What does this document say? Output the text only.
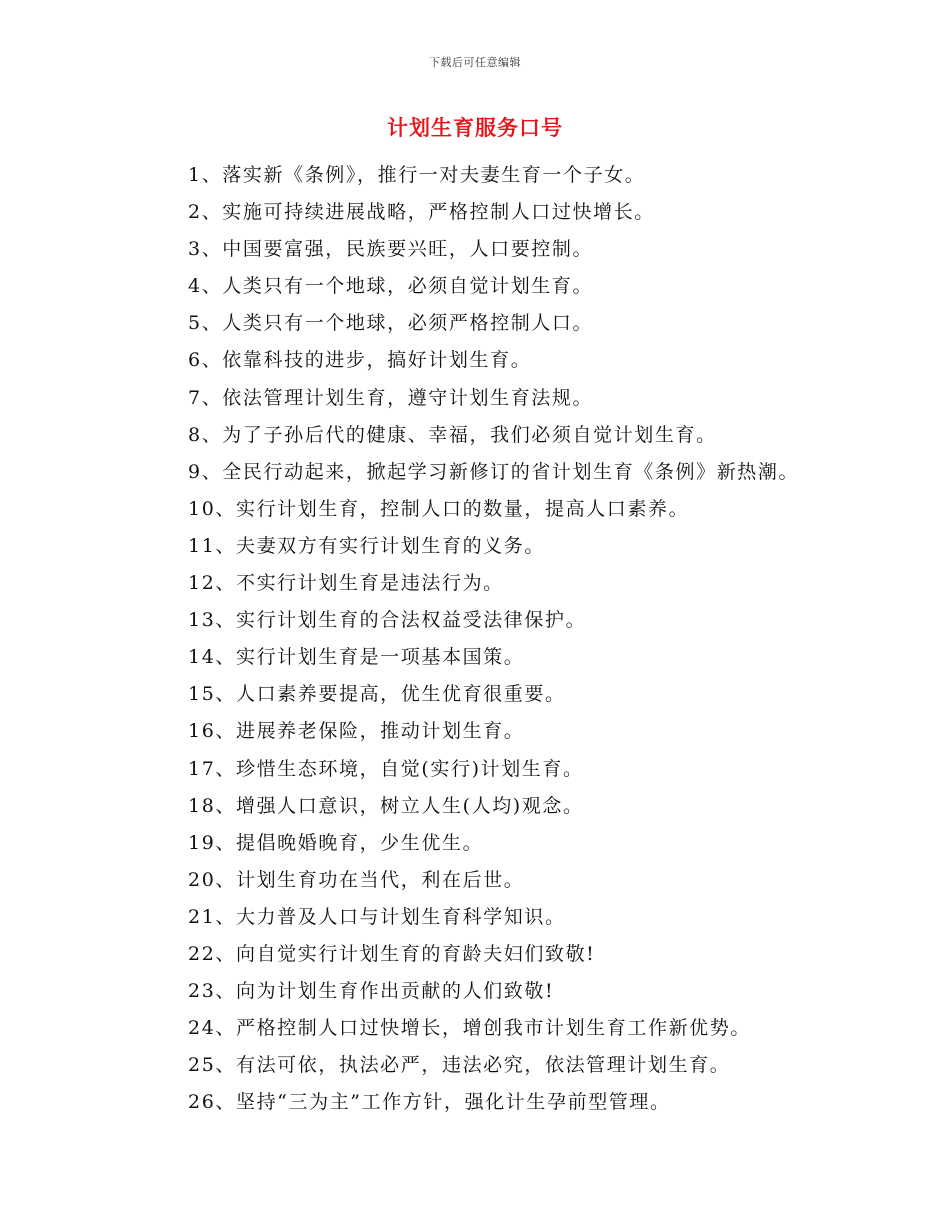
下载后可任意编辑
计划生育服务口号
1、落实新《条例》，推行一对夫妻生育一个子女。
2、实施可持续进展战略，严格控制人口过快增长。
3、中国要富强，民族要兴旺，人口要控制。
4、人类只有一个地球，必须自觉计划生育。
5、人类只有一个地球，必须严格控制人口。
6、依靠科技的进步，搞好计划生育。
7、依法管理计划生育，遵守计划生育法规。
8、为了子孙后代的健康、幸福，我们必须自觉计划生育。
9、全民行动起来，掀起学习新修订的省计划生育《条例》新热潮。
10、实行计划生育，控制人口的数量，提高人口素养。
11、夫妻双方有实行计划生育的义务。
12、不实行计划生育是违法行为。
13、实行计划生育的合法权益受法律保护。
14、实行计划生育是一项基本国策。
15、人口素养要提高，优生优育很重要。
16、进展养老保险，推动计划生育。
17、珍惜生态环境，自觉(实行)计划生育。
18、增强人口意识，树立人生(人均)观念。
19、提倡晚婚晚育，少生优生。
20、计划生育功在当代，利在后世。
21、大力普及人口与计划生育科学知识。
22、向自觉实行计划生育的育龄夫妇们致敬!
23、向为计划生育作出贡献的人们致敬!
24、严格控制人口过快增长，增创我市计划生育工作新优势。
25、有法可依，执法必严，违法必究，依法管理计划生育。
26、坚持“三为主”工作方针，强化计生孕前型管理。
